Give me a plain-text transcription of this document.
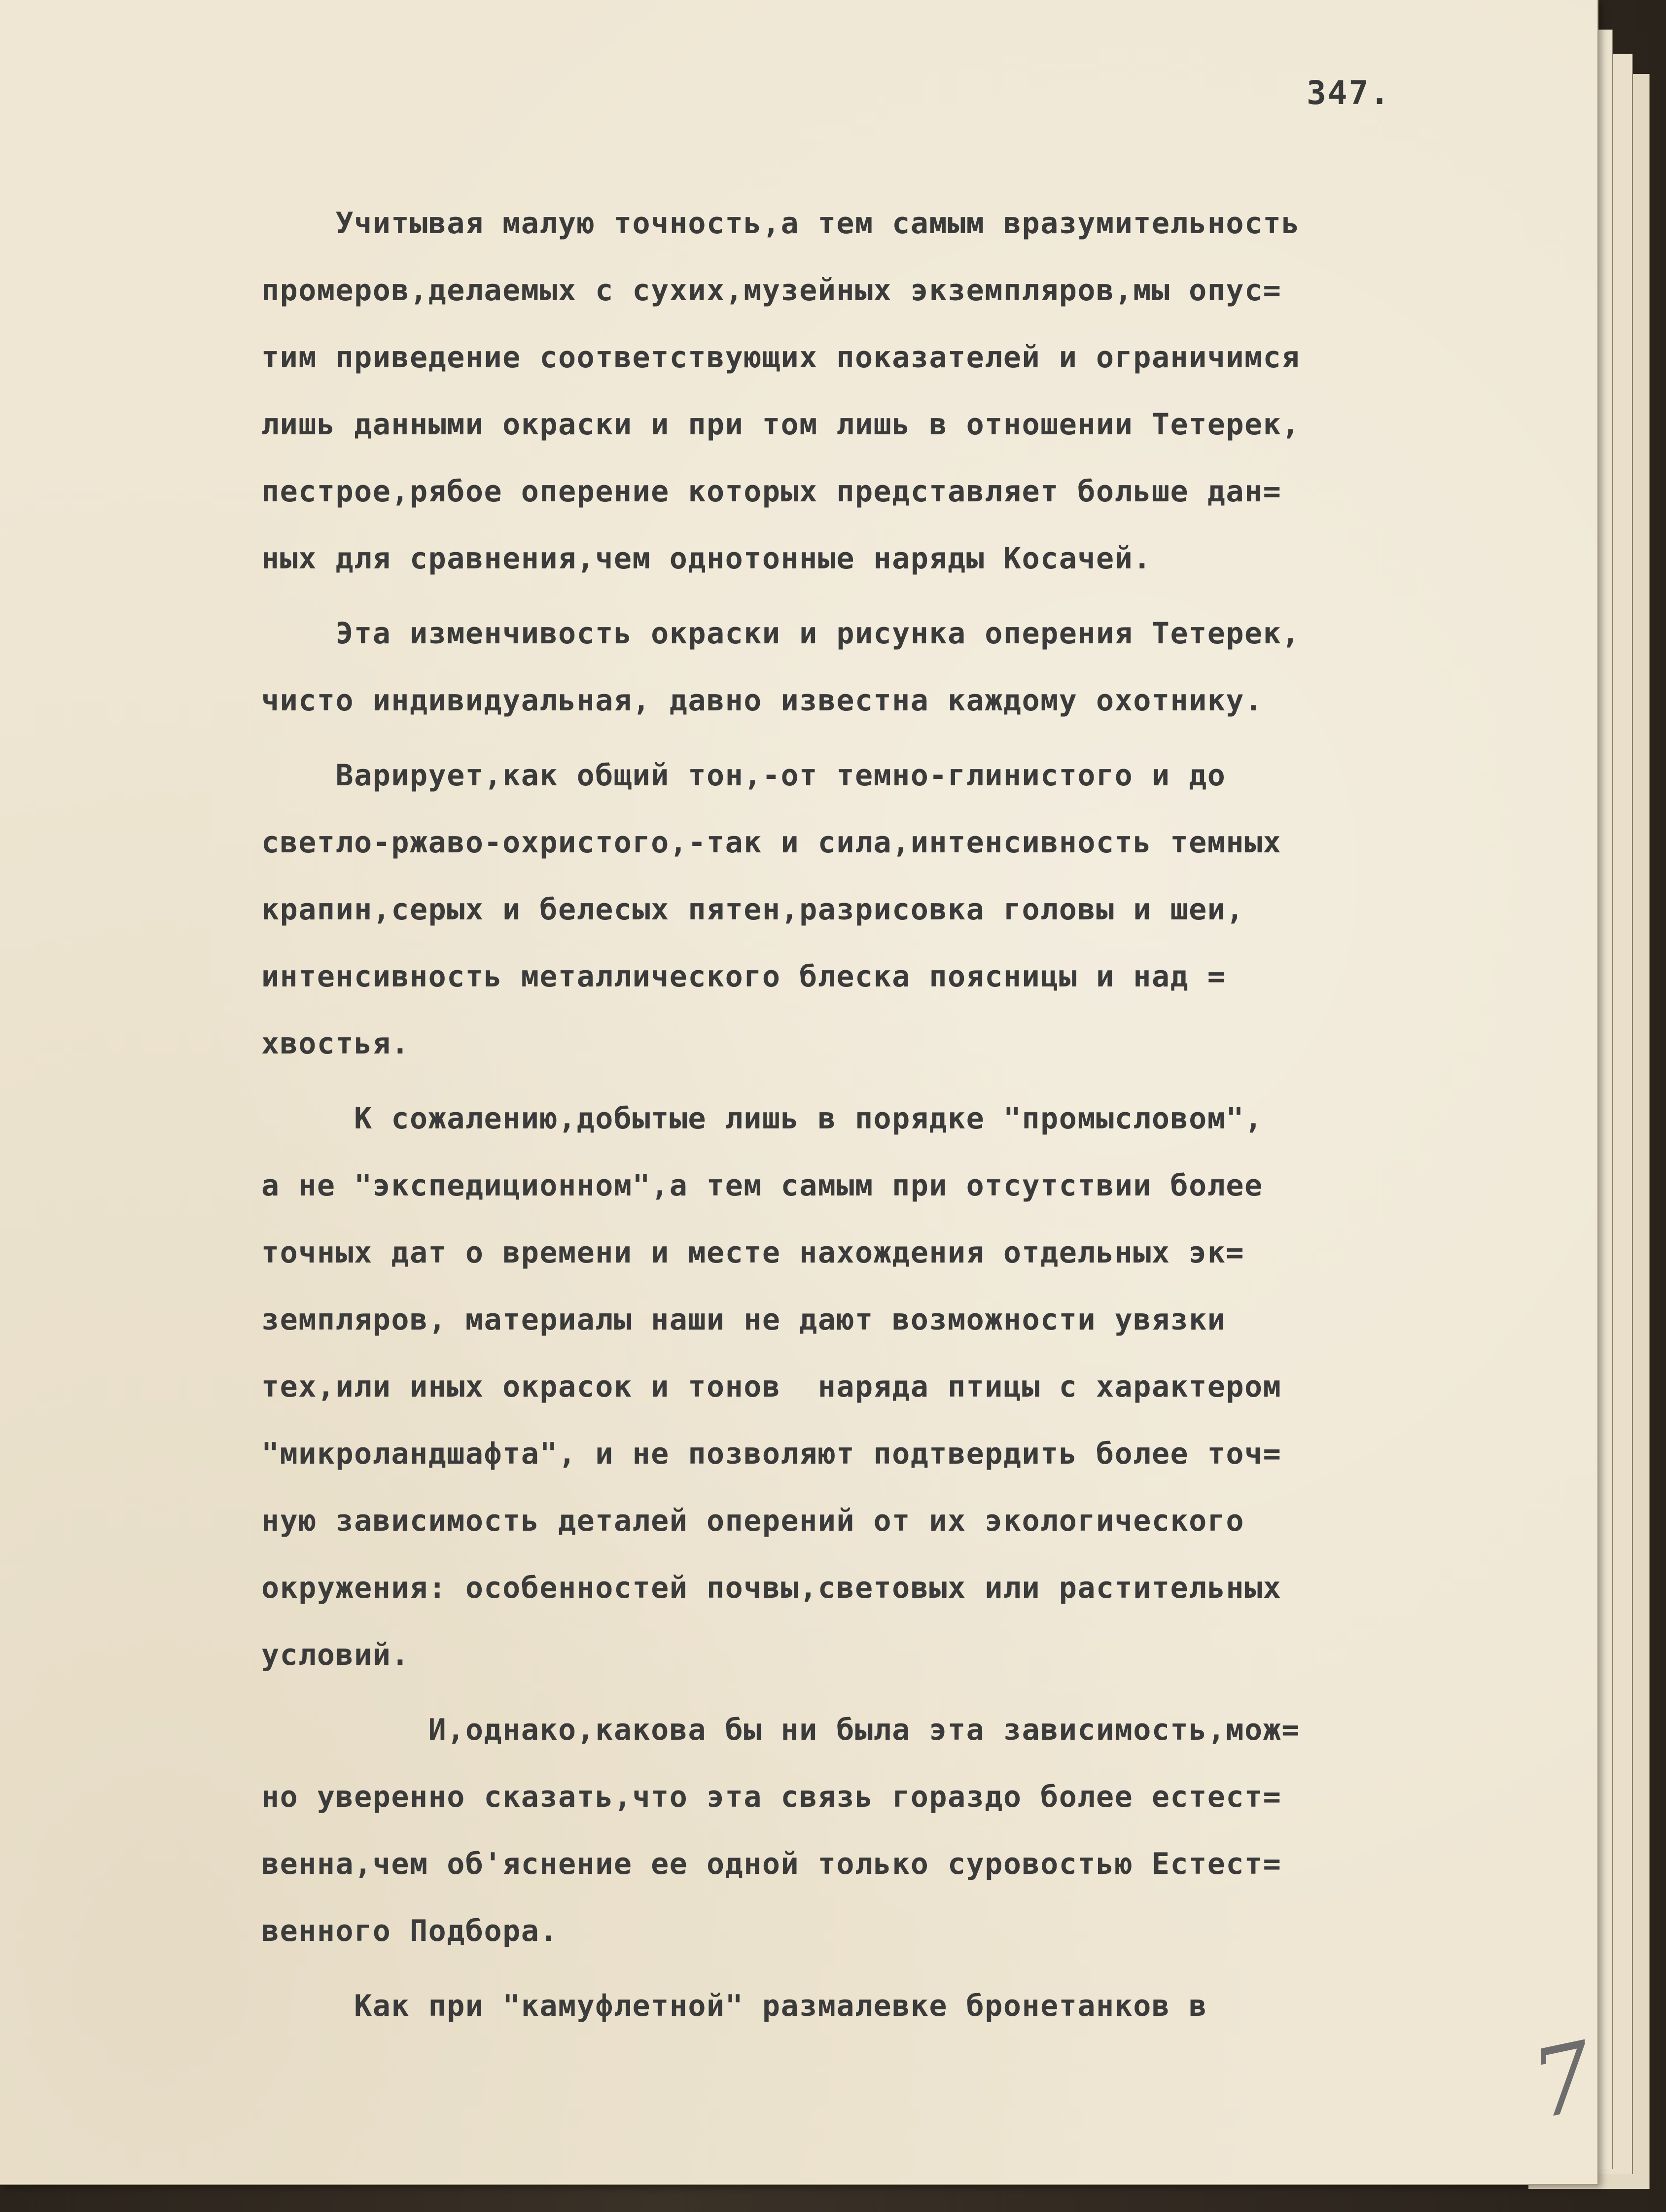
347.
Учитывая малую точность,а тем самым вразумительность
промеров,делаемых с сухих,музейных экземпляров,мы опус=
тим приведение соответствующих показателей и ограничимся
лишь данными окраски и при том лишь в отношении Тетерек,
пестрое,рябое оперение которых представляет больше дан=
ных для сравнения,чем однотонные наряды Косачей.
Эта изменчивость окраски и рисунка оперения Тетерек,
чисто индивидуальная, давно известна каждому охотнику.
Варирует,как общий тон,-от темно-глинистого и до
светло-ржаво-охристого,-так и сила,интенсивность темных
крапин,серых и белесых пятен,разрисовка головы и шеи,
интенсивность металлического блеска поясницы и над =
хвостья.
К сожалению,добытые лишь в порядке "промысловом",
а не "экспедиционном",а тем самым при отсутствии более
точных дат о времени и месте нахождения отдельных эк=
земпляров, материалы наши не дают возможности увязки
тех,или иных окрасок и тонов  наряда птицы с характером
"микроландшафта", и не позволяют подтвердить более точ=
ную зависимость деталей оперений от их экологического
окружения: особенностей почвы,световых или растительных
условий.
И,однако,какова бы ни была эта зависимость,мож=
но уверенно сказать,что эта связь гораздо более естест=
венна,чем об'яснение ее одной только суровостью Естест=
венного Подбора.
Как при "камуфлетной" размалевке бронетанков в
7
